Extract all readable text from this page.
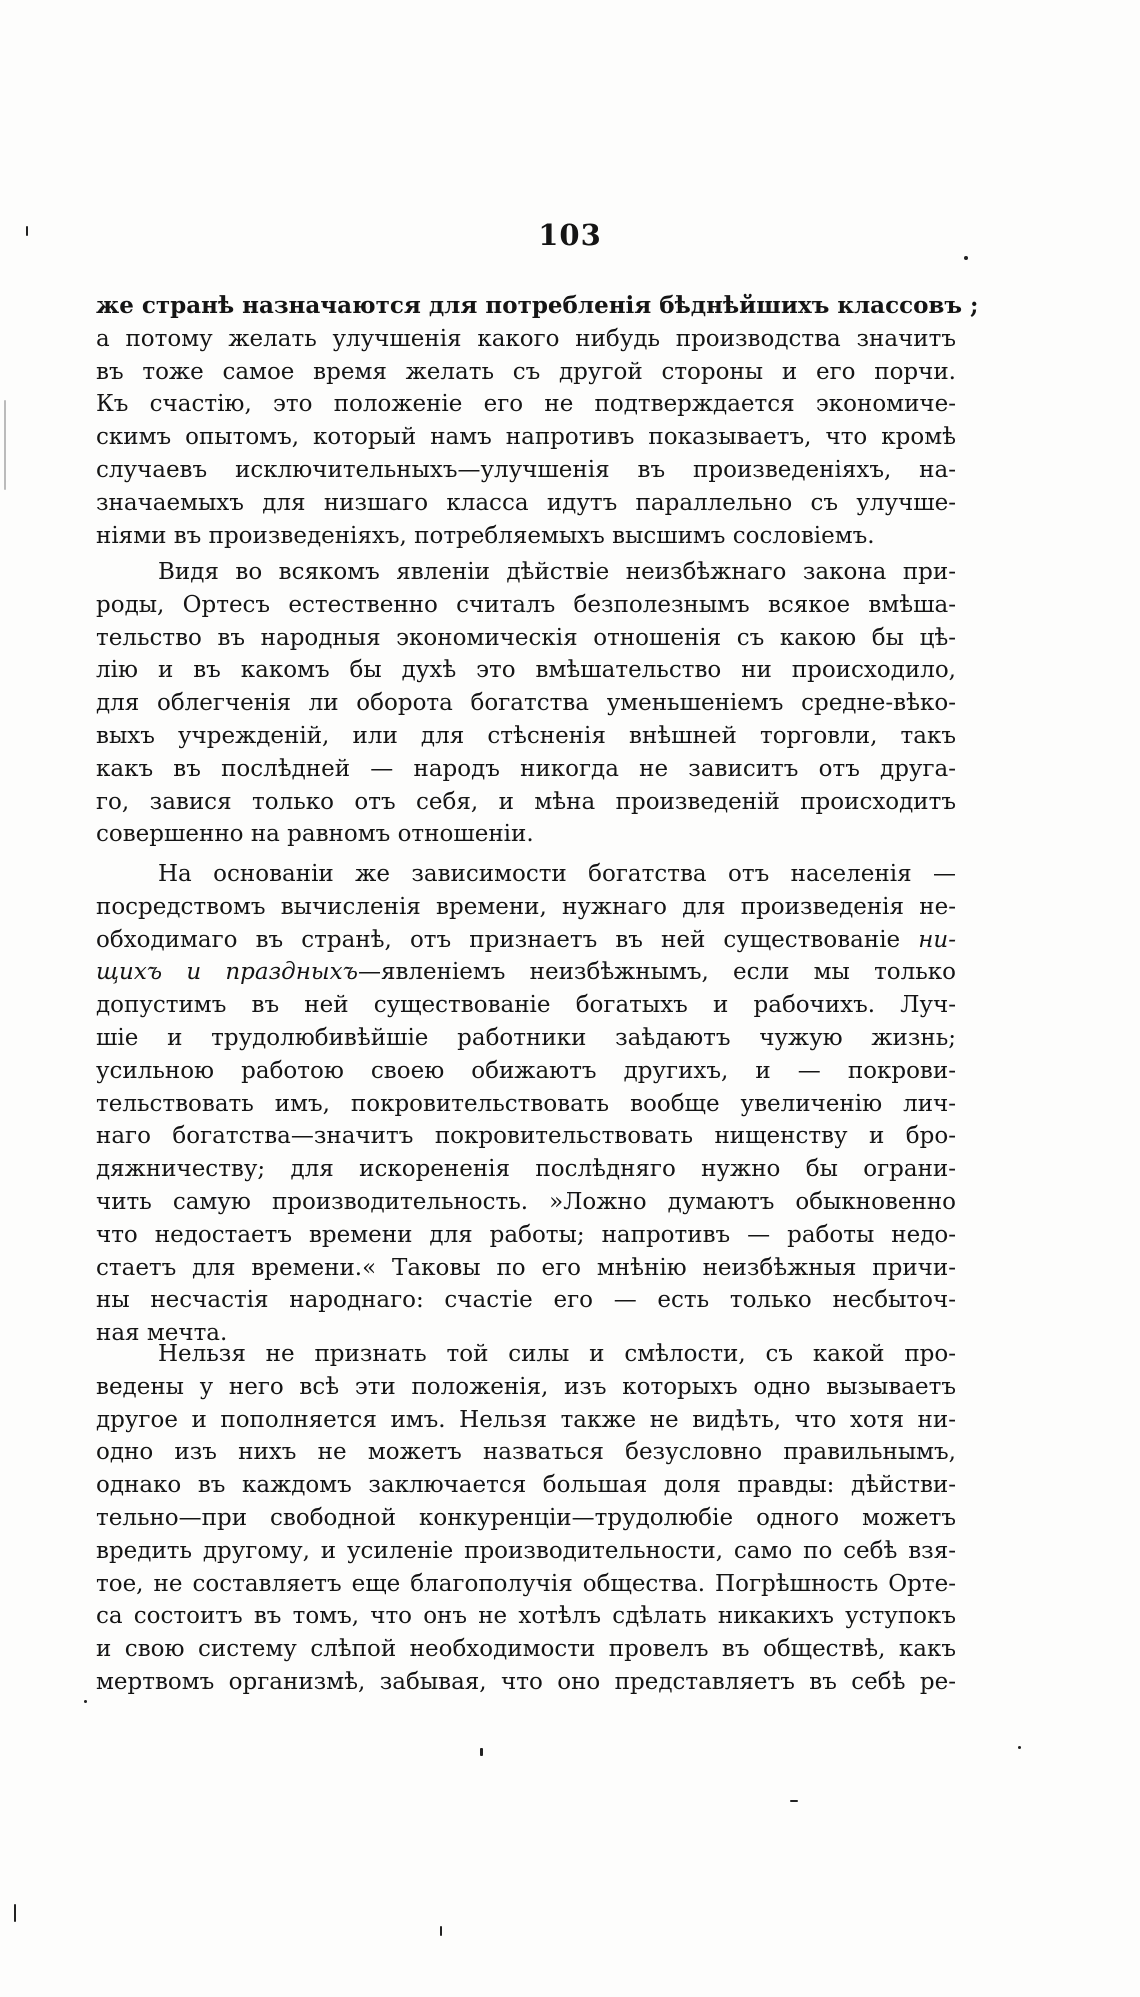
103
же странѣ назначаются для потребленія бѣднѣйшихъ классовъ ;
а потому желать улучшенія какого нибудь производства значитъ
въ тоже самое время желать съ другой стороны и его порчи.
Къ счастію, это положеніе его не подтверждается экономиче-
скимъ опытомъ, который намъ напротивъ показываетъ, что кромѣ
случаевъ исключительныхъ—улучшенія въ произведеніяхъ, на-
значаемыхъ для низшаго класса идутъ параллельно съ улучше-
ніями въ произведеніяхъ, потребляемыхъ высшимъ сословіемъ.
Видя во всякомъ явленіи дѣйствіе неизбѣжнаго закона при-
роды, Ортесъ естественно считалъ безполезнымъ всякое вмѣша-
тельство въ народныя экономическія отношенія съ какою бы цѣ-
лію и въ какомъ бы духѣ это вмѣшательство ни происходило,
для облегченія ли оборота богатства уменьшеніемъ средне-вѣко-
выхъ учрежденій, или для стѣсненія внѣшней торговли, такъ
какъ въ послѣдней — народъ никогда не зависитъ отъ друга-
го, завися только отъ себя, и мѣна произведеній происходитъ
совершенно на равномъ отношеніи.
На основаніи же зависимости богатства отъ населенія —
посредствомъ вычисленія времени, нужнаго для произведенія не-
обходимаго въ странѣ, отъ признаетъ въ ней существованіе ни-
щихъ и праздныхъ—явленіемъ неизбѣжнымъ, если мы только
допустимъ въ ней существованіе богатыхъ и рабочихъ. Луч-
шіе и трудолюбивѣйшіе работники заѣдаютъ чужую жизнь;
усильною работою своею обижаютъ другихъ, и — покрови-
тельствовать имъ, покровительствовать вообще увеличенію лич-
наго богатства—значитъ покровительствовать нищенству и бро-
дяжничеству; для искорененія послѣдняго нужно бы ограни-
чить самую производительность. »Ложно думаютъ обыкновенно
что недостаетъ времени для работы; напротивъ — работы недо-
стаетъ для времени.« Таковы по его мнѣнію неизбѣжныя причи-
ны несчастія народнаго: счастіе его — есть только несбыточ-
ная мечта.
Нельзя не признать той силы и смѣлости, съ какой про-
ведены у него всѣ эти положенія, изъ которыхъ одно вызываетъ
другое и пополняется имъ. Нельзя также не видѣть, что хотя ни-
одно изъ нихъ не можетъ назваться безусловно правильнымъ,
однако въ каждомъ заключается большая доля правды: дѣйстви-
тельно—при свободной конкуренціи—трудолюбіе одного можетъ
вредить другому, и усиленіе производительности, само по себѣ взя-
тое, не составляетъ еще благополучія общества. Погрѣшность Орте-
са состоитъ въ томъ, что онъ не хотѣлъ сдѣлать никакихъ уступокъ
и свою систему слѣпой необходимости провелъ въ обществѣ, какъ
мертвомъ организмѣ, забывая, что оно представляетъ въ себѣ ре-
